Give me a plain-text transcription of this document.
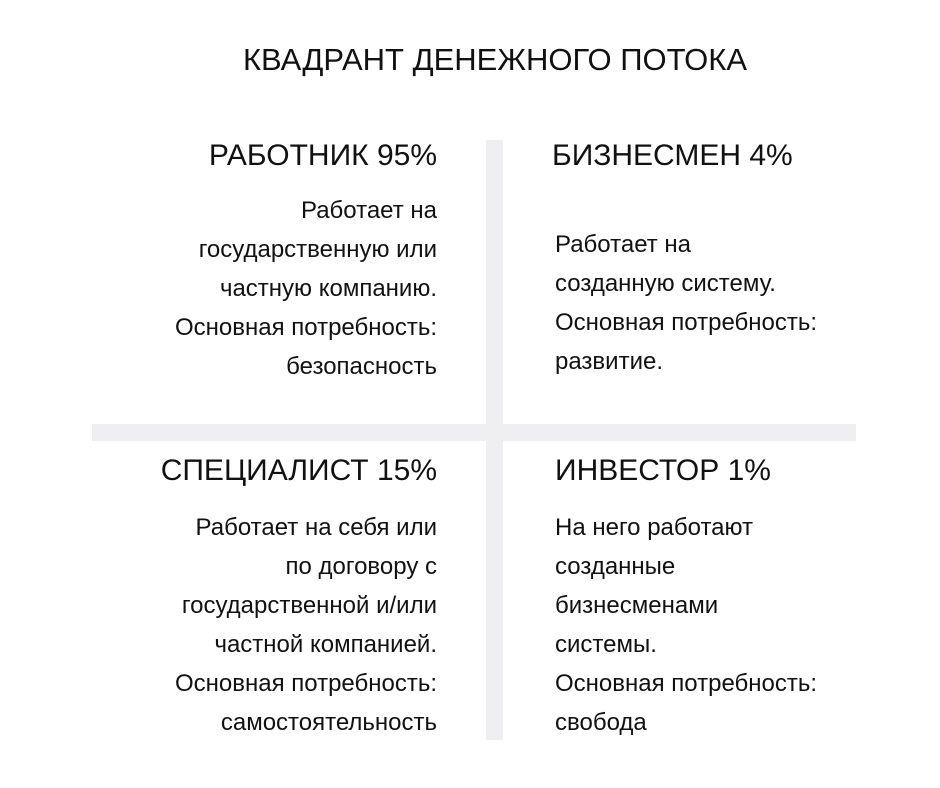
КВАДРАНТ ДЕНЕЖНОГО ПОТОКА
РАБОТНИК 95%
Работает на
государственную или
частную компанию.
Основная потребность:
безопасность
БИЗНЕСМЕН 4%
Работает на
созданную систему.
Основная потребность:
развитие.
СПЕЦИАЛИСТ 15%
Работает на себя или
по договору с
государственной и/или
частной компанией.
Основная потребность:
самостоятельность
ИНВЕСТОР 1%
На него работают
созданные
бизнесменами
системы.
Основная потребность:
свобода
